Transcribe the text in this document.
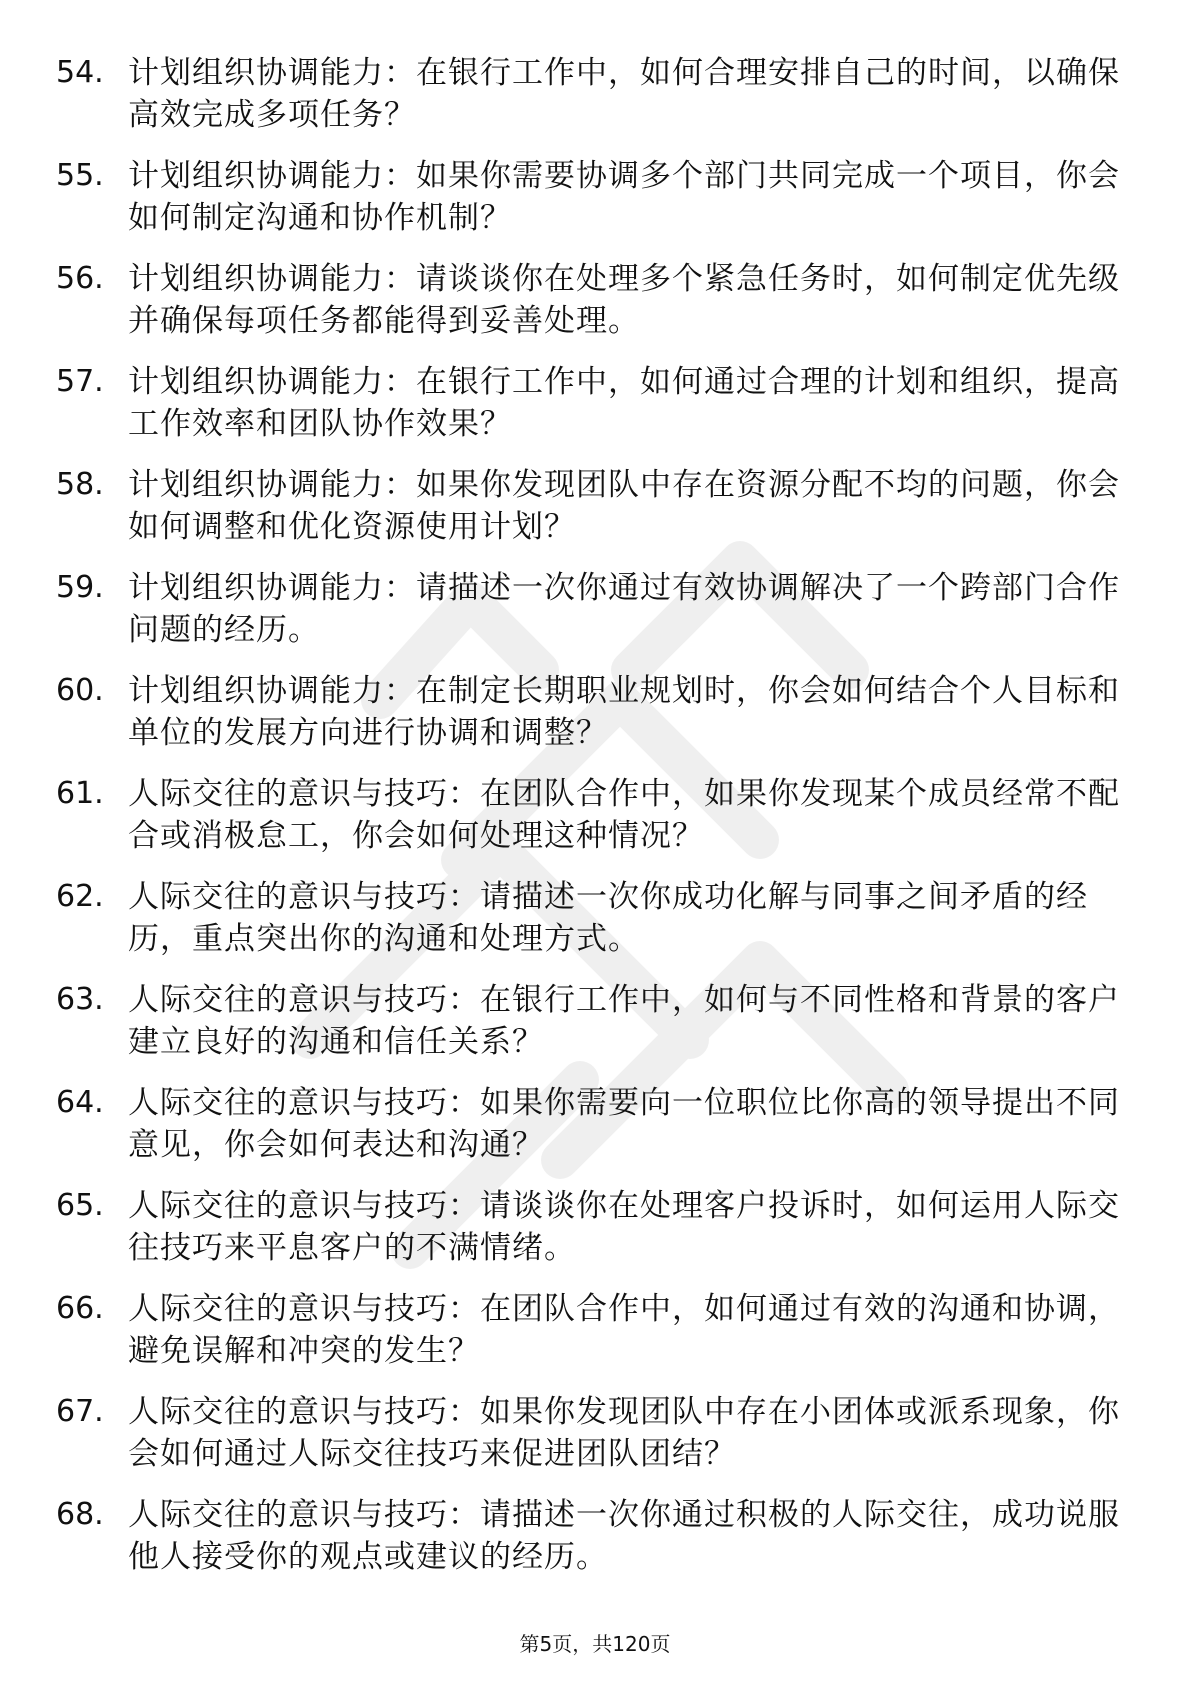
54. 计划组织协调能力：在银行工作中，如何合理安排自己的时间，以确保高效完成多项任务？
55. 计划组织协调能力：如果你需要协调多个部门共同完成一个项目，你会如何制定沟通和协作机制？
56. 计划组织协调能力：请谈谈你在处理多个紧急任务时，如何制定优先级并确保每项任务都能得到妥善处理。
57. 计划组织协调能力：在银行工作中，如何通过合理的计划和组织，提高工作效率和团队协作效果？
58. 计划组织协调能力：如果你发现团队中存在资源分配不均的问题，你会如何调整和优化资源使用计划？
59. 计划组织协调能力：请描述一次你通过有效协调解决了一个跨部门合作问题的经历。
60. 计划组织协调能力：在制定长期职业规划时，你会如何结合个人目标和单位的发展方向进行协调和调整？
61. 人际交往的意识与技巧：在团队合作中，如果你发现某个成员经常不配合或消极怠工，你会如何处理这种情况？
62. 人际交往的意识与技巧：请描述一次你成功化解与同事之间矛盾的经历，重点突出你的沟通和处理方式。
63. 人际交往的意识与技巧：在银行工作中，如何与不同性格和背景的客户建立良好的沟通和信任关系？
64. 人际交往的意识与技巧：如果你需要向一位职位比你高的领导提出不同意见，你会如何表达和沟通？
65. 人际交往的意识与技巧：请谈谈你在处理客户投诉时，如何运用人际交往技巧来平息客户的不满情绪。
66. 人际交往的意识与技巧：在团队合作中，如何通过有效的沟通和协调，避免误解和冲突的发生？
67. 人际交往的意识与技巧：如果你发现团队中存在小团体或派系现象，你会如何通过人际交往技巧来促进团队团结？
68. 人际交往的意识与技巧：请描述一次你通过积极的人际交往，成功说服他人接受你的观点或建议的经历。
第5页，共120页
